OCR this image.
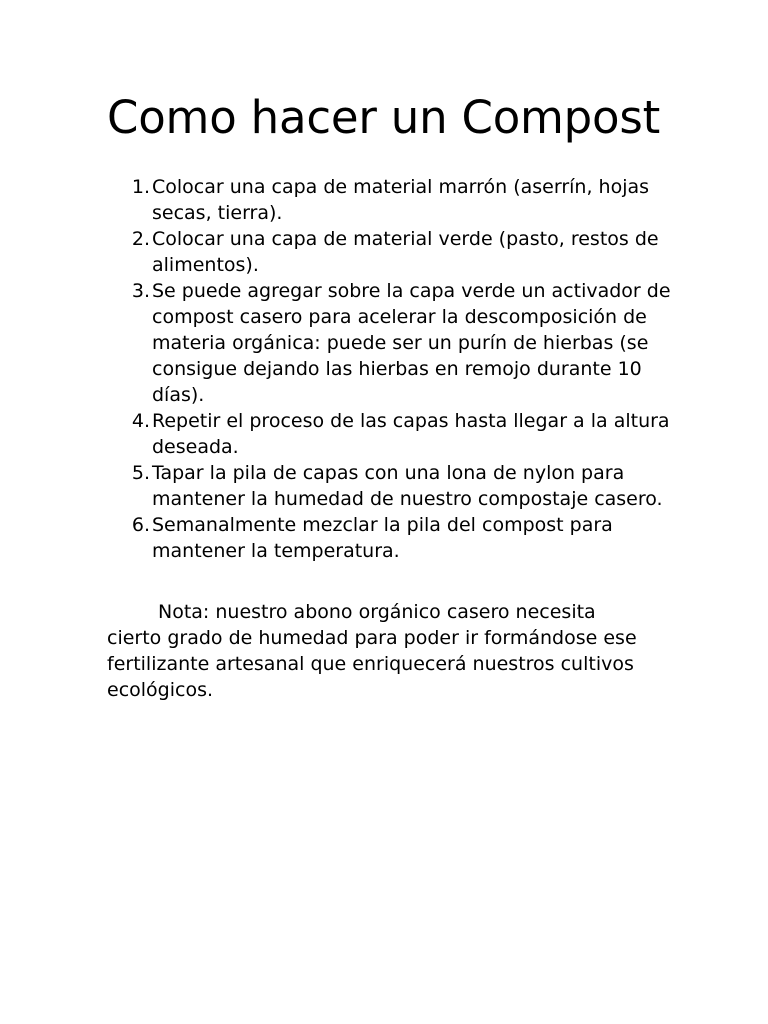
Como hacer un Compost
1. Colocar una capa de material marrón (aserrín, hojas secas, tierra).
2. Colocar una capa de material verde (pasto, restos de alimentos).
3. Se puede agregar sobre la capa verde un activador de compost casero para acelerar la descomposición de materia orgánica: puede ser un purín de hierbas (se consigue dejando las hierbas en remojo durante 10 días).
4. Repetir el proceso de las capas hasta llegar a la altura deseada.
5. Tapar la pila de capas con una lona de nylon para mantener la humedad de nuestro compostaje casero.
6. Semanalmente mezclar la pila del compost para mantener la temperatura.

Nota: nuestro abono orgánico casero necesita cierto grado de humedad para poder ir formándose ese fertilizante artesanal que enriquecerá nuestros cultivos ecológicos.
